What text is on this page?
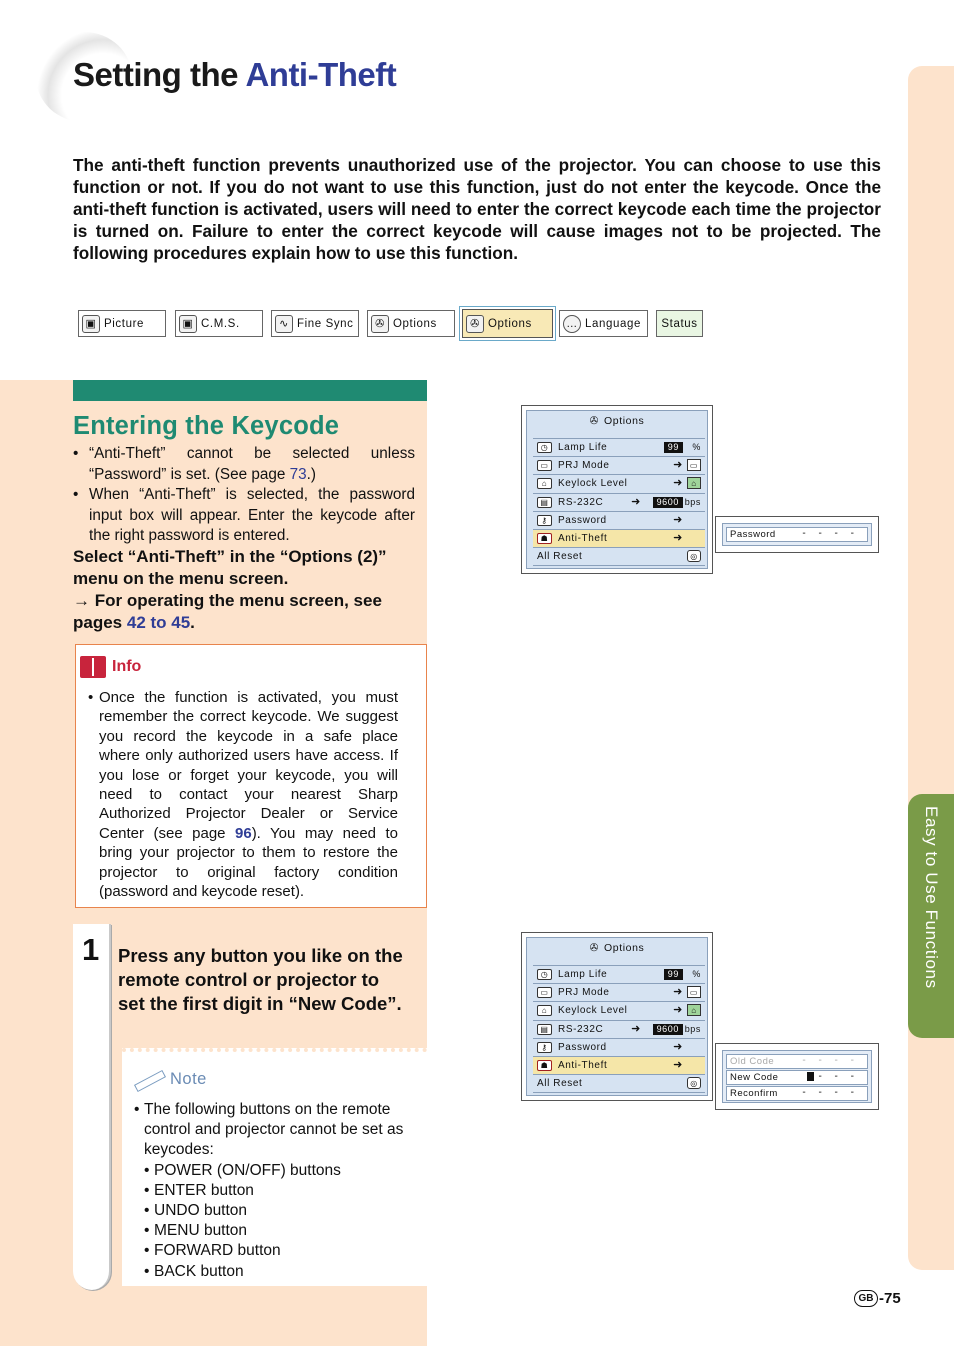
Setting the Anti-Theft

The anti-theft function prevents unauthorized use of the projector. You can choose to use this function or not. If you do not want to use this function, just do not enter the keycode. Once the anti-theft function is activated, users will need to enter the correct keycode each time the projector is turned on. Failure to enter the correct keycode will cause images not to be projected. The following procedures explain how to use this function.

▣ Picture	▣ C.M.S.	∿ Fine Sync	✇ Options	✇ Options	… Language Status
Entering the Keycode
• “Anti-Theft” cannot be selected unless “Password” is set. (See page 73.)
• When “Anti-Theft” is selected, the password input box will appear. Enter the keycode after the right password is entered.
Select “Anti-Theft” in the “Options (2)” menu on the menu screen.
→ For operating the menu screen, see pages 42 to 45.
Info
• Once the function is activated, you must remember the correct keycode. We suggest you record the keycode in a safe place where only authorized users have access. If you lose or forget your keycode, you will need to contact your nearest Sharp Authorized Projector Dealer or Service Center (see page 96). You may need to bring your projector to them to restore the projector to original factory condition (password and keycode reset).

1 Press any button you like on the remote control or projector to set the first digit in “New Code”.
Note
• The following buttons on the remote control and projector cannot be set as keycodes:
• POWER (ON/OFF) buttons
• ENTER button
• UNDO button
• MENU button
• FORWARD button
• BACK button
✇ Options
◷ Lamp Life	99	%
▭ PRJ Mode	➜ ▭
⌂	Keylock Level	➜	⌂
▤ RS-232C	➜	9600 bps
⚷	Password	➜
☗ Anti-Theft	➜
All Reset	◎
Password	- - - -
✇ Options
◷ Lamp Life	99	%
▭ PRJ Mode	➜ ▭
⌂	Keylock Level	➜	⌂
▤ RS-232C	➜	9600 bps
⚷	Password	➜
☗ Anti-Theft	➜
All Reset	◎
Old Code	- - - -
New Code	- - -
Reconfirm - - - -
Easy to Use Functions
GB -75
